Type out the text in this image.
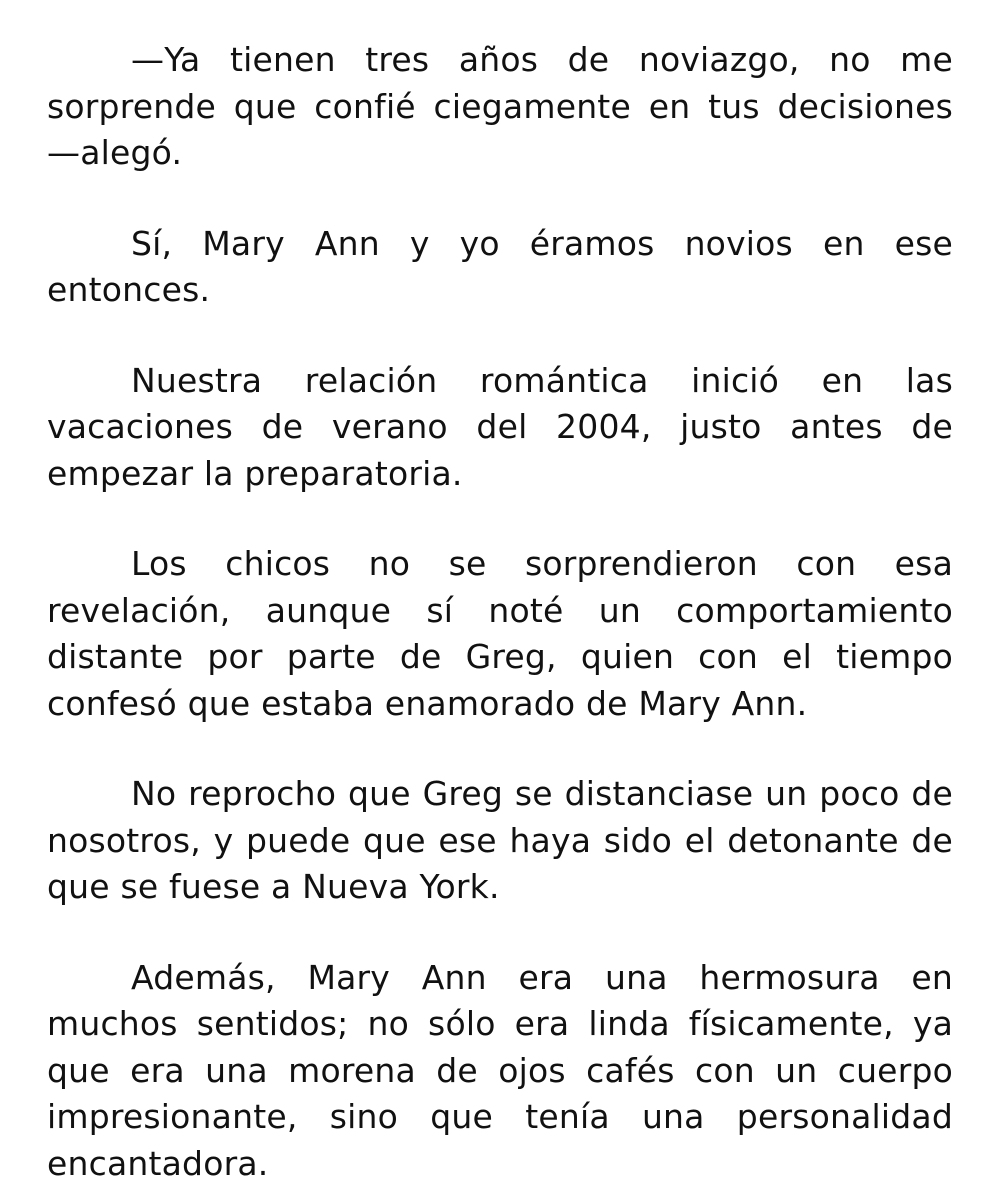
—Ya tienen tres años de noviazgo, no me sorprende que confié ciegamente en tus decisiones —alegó.

Sí, Mary Ann y yo éramos novios en ese entonces.

Nuestra relación romántica inició en las vacaciones de verano del 2004, justo antes de empezar la preparatoria.

Los chicos no se sorprendieron con esa revelación, aunque sí noté un comportamiento distante por parte de Greg, quien con el tiempo confesó que estaba enamorado de Mary Ann.

No reprocho que Greg se distanciase un poco de nosotros, y puede que ese haya sido el detonante de que se fuese a Nueva York.

Además, Mary Ann era una hermosura en muchos sentidos; no sólo era linda físicamente, ya que era una morena de ojos cafés con un cuerpo impresionante, sino que tenía una personalidad encantadora.
